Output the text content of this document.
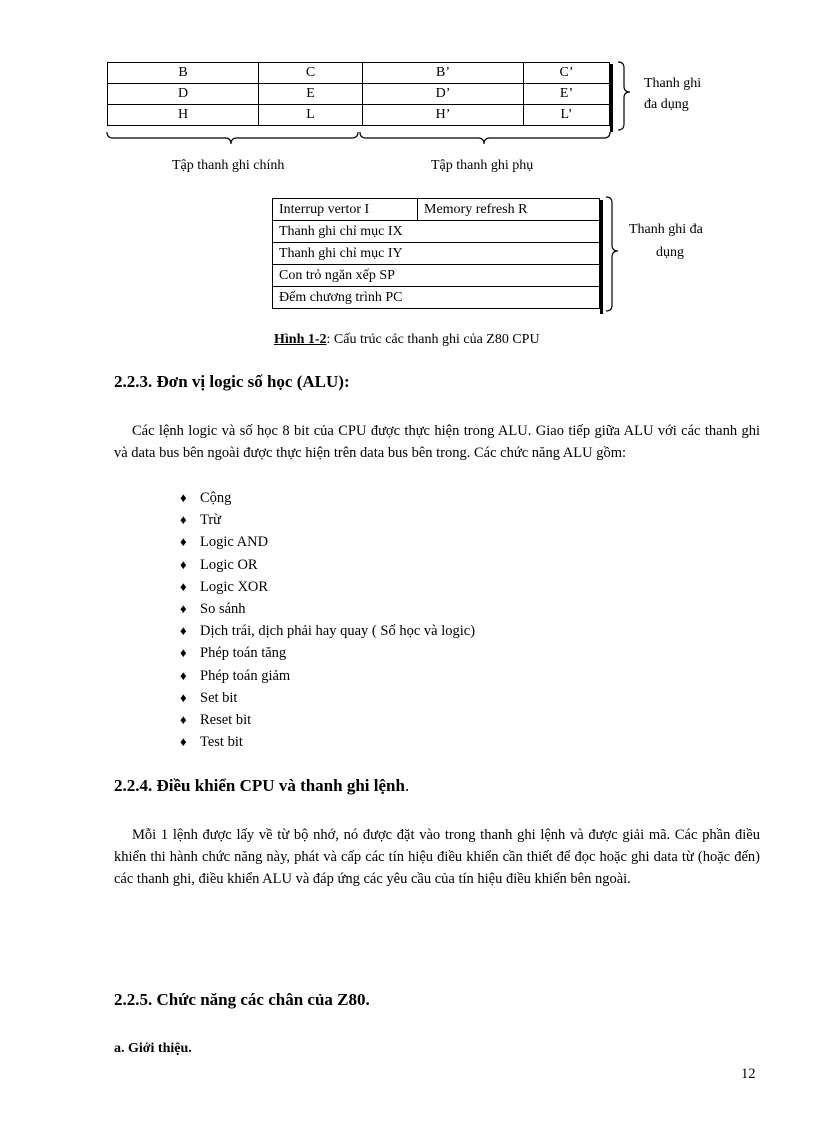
B	C	B’	C’
D	E	D’	E’
H	L	H’	L’
Thanh ghi
đa dụng
Tập thanh ghi chính	Tập thanh ghi phụ
Interrup vertor I	Memory refresh R
Thanh ghi chỉ mục IX
Thanh ghi chỉ mục IY
Con trỏ ngăn xếp SP
Đếm chương trình PC
Thanh ghi đa
dụng
Hình 1-2: Cấu trúc các thanh ghi của Z80 CPU
2.2.3. Đơn vị logic số học (ALU):

Các lệnh logic và số học 8 bit của CPU được thực hiện trong ALU. Giao tiếp giữa ALU với các thanh ghi và data bus bên ngoài được thực hiện trên data bus bên trong. Các chức năng ALU gồm:

♦ Cộng
♦ Trừ
♦ Logic AND
♦ Logic OR
♦ Logic XOR
♦ So sánh
♦ Dịch trái, dịch phải hay quay ( Số học và logic)
♦ Phép toán tăng
♦ Phép toán giảm
♦ Set bit
♦ Reset bit
♦ Test bit
2.2.4. Điều khiển CPU và thanh ghi lệnh.

Mỗi 1 lệnh được lấy về từ bộ nhớ, nó được đặt vào trong thanh ghi lệnh và được giải mã. Các phần điều khiển thi hành chức năng này, phát và cấp các tín hiệu điều khiển cần thiết để đọc hoặc ghi data từ (hoặc đến) các thanh ghi, điều khiển ALU và đáp ứng các yêu cầu của tín hiệu điều khiển bên ngoài.

2.2.5. Chức năng các chân của Z80.
a. Giới thiệu.
12
